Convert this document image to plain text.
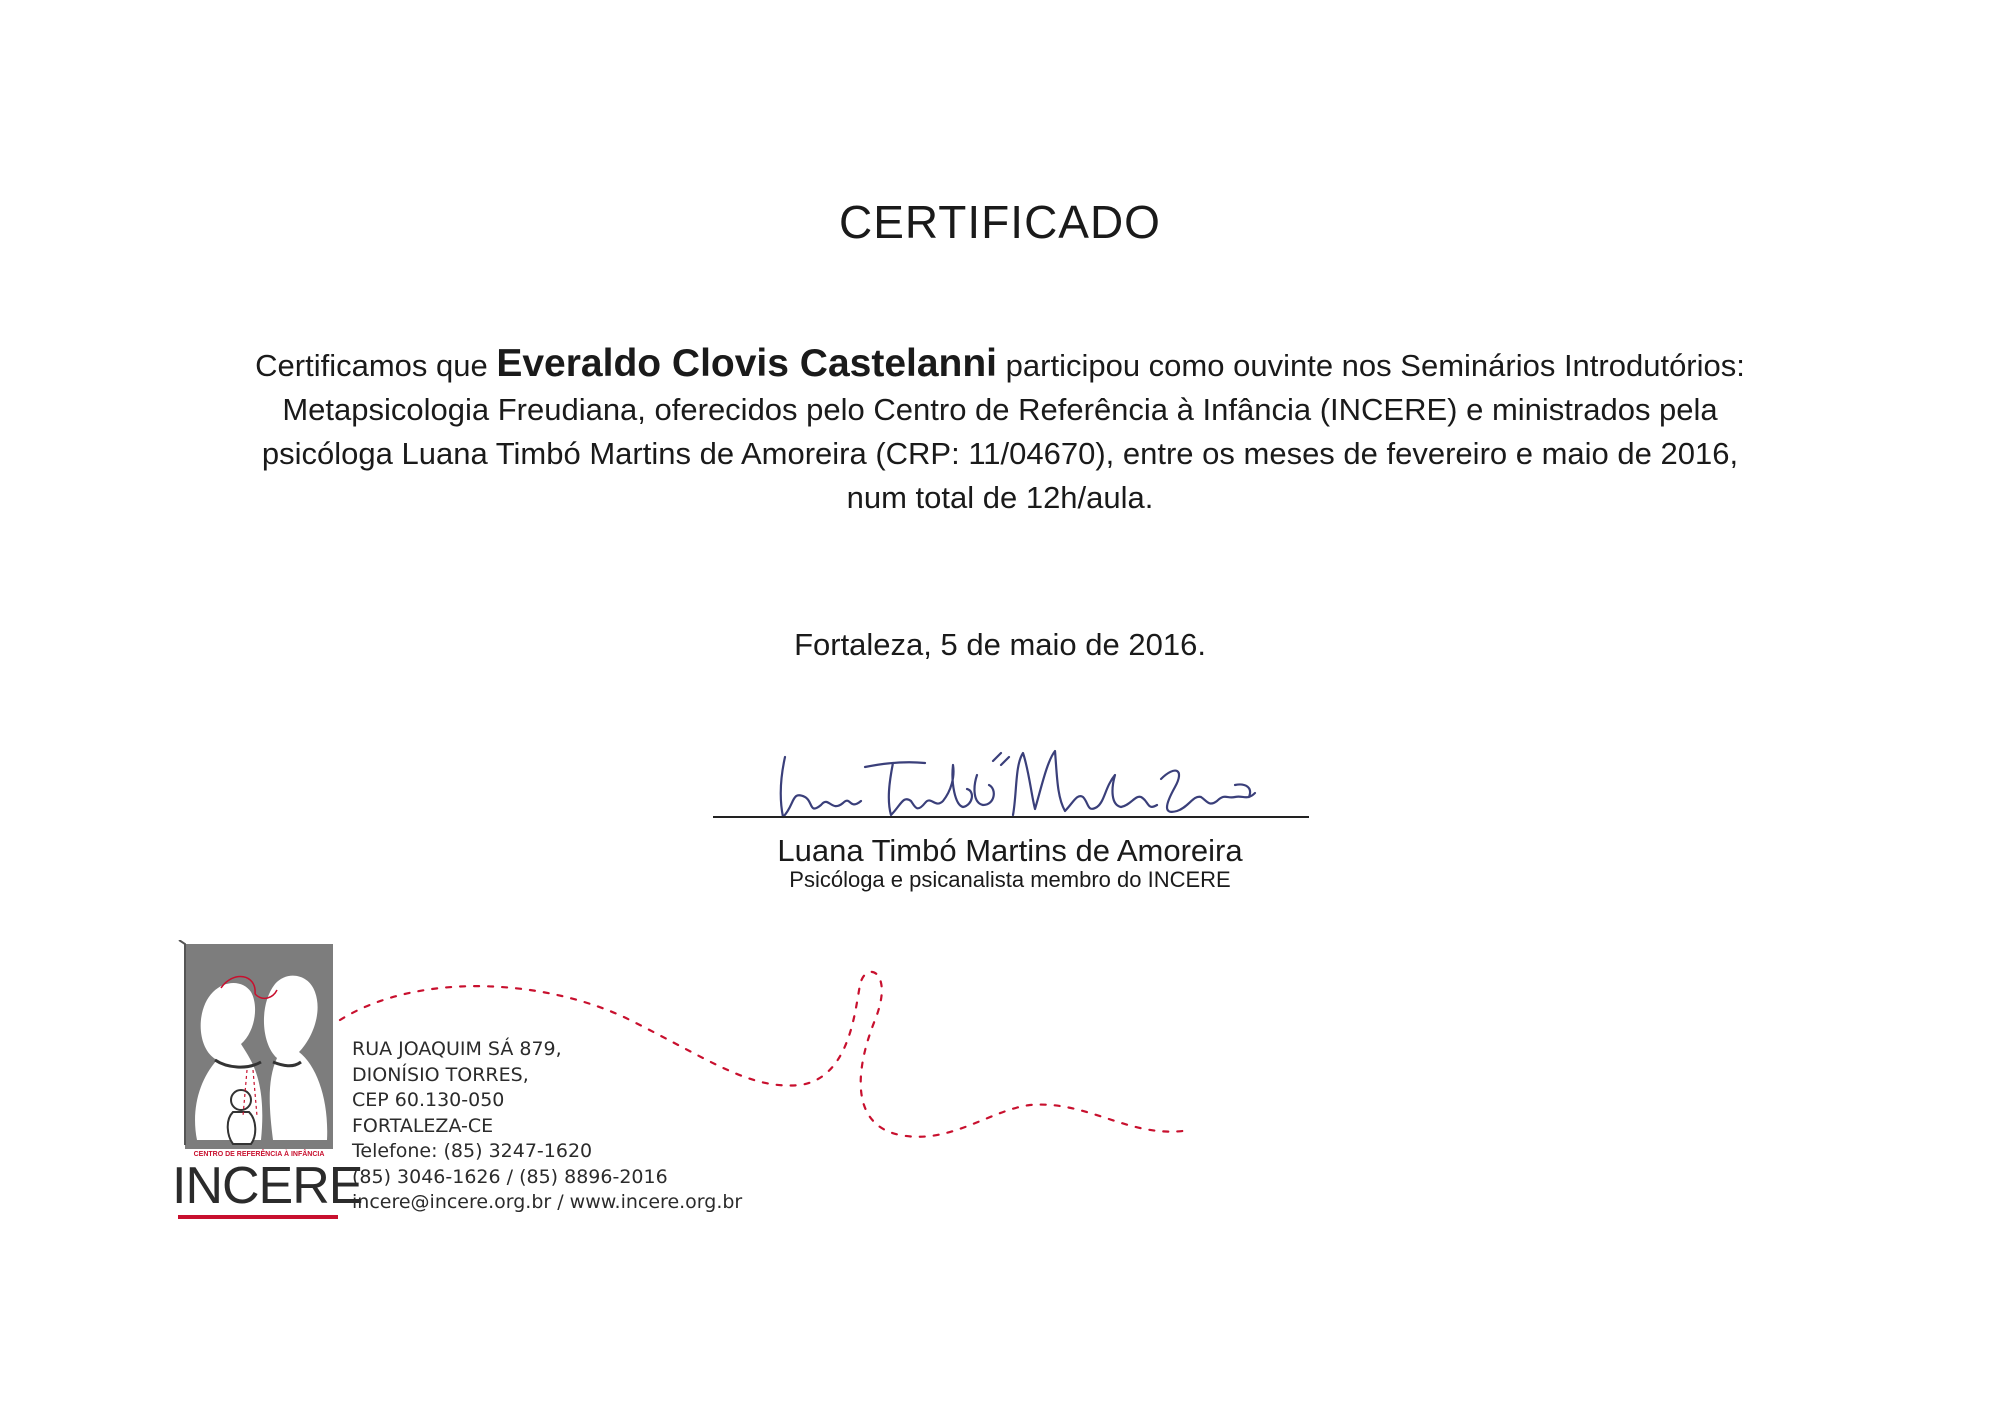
CERTIFICADO
Certificamos que Everaldo Clovis Castelanni participou como ouvinte nos Seminários Introdutórios:
Metapsicologia Freudiana, oferecidos pelo Centro de Referência à Infância (INCERE) e ministrados pela
psicóloga Luana Timbó Martins de Amoreira (CRP: 11/04670), entre os meses de fevereiro e maio de 2016,
num total de 12h/aula.
Fortaleza, 5 de maio de 2016.
Luana Timbó Martins de Amoreira
Psicóloga e psicanalista membro do INCERE
CENTRO DE REFERÊNCIA À INFÂNCIA
INCERE
RUA JOAQUIM SÁ 879,
DIONÍSIO TORRES,
CEP 60.130-050
FORTALEZA-CE
Telefone: (85) 3247-1620
(85) 3046-1626 / (85) 8896-2016
incere@incere.org.br / www.incere.org.br
